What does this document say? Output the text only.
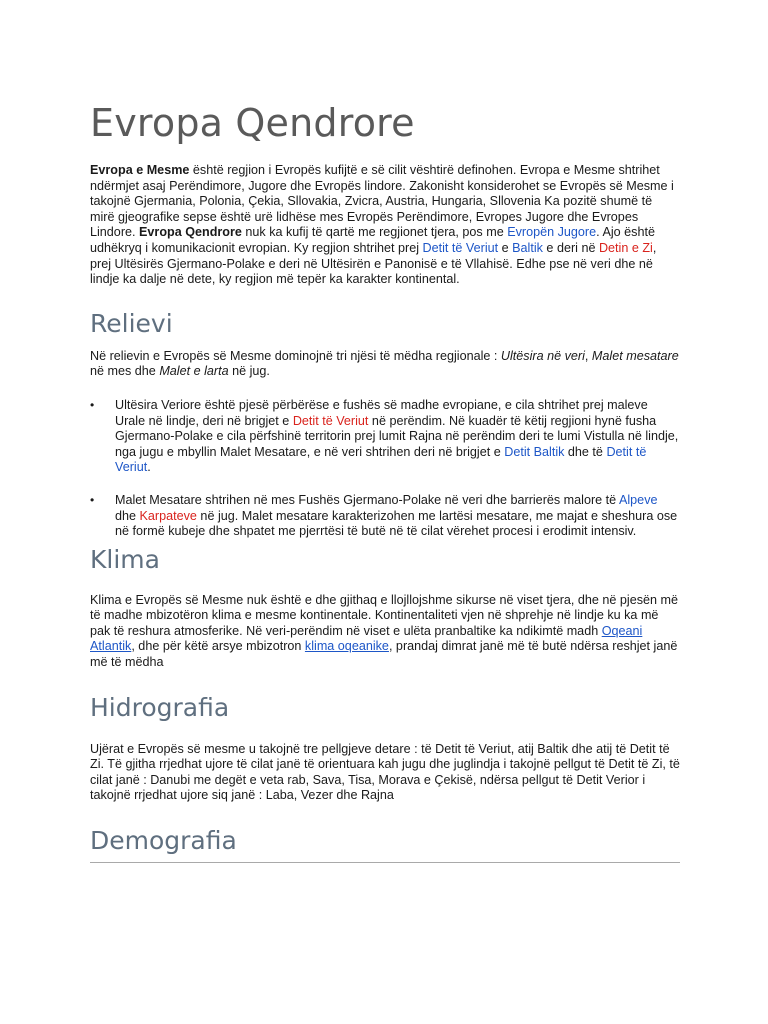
Evropa Qendrore

Evropa e Mesme është regjion i Evropës kufijtë e së cilit vështirë definohen. Evropa e Mesme shtrihet ndërmjet asaj Perëndimore, Jugore dhe Evropës lindore. Zakonisht konsiderohet se Evropës së Mesme i takojnë Gjermania, Polonia, Çekia, Sllovakia, Zvicra, Austria, Hungaria, Sllovenia Ka pozitë shumë të mirë gjeografike sepse është urë lidhëse mes Evropës Perëndimore, Evropes Jugore dhe Evropes Lindore. Evropa Qendrore nuk ka kufij të qartë me regjionet tjera, pos me Evropën Jugore. Ajo është udhëkryq i komunikacionit evropian. Ky regjion shtrihet prej Detit të Veriut e Baltik e deri në Detin e Zi, prej Ultësirës Gjermano-Polake e deri në Ultësirën e Panonisë e të Vllahisë. Edhe pse në veri dhe në lindje ka dalje në dete, ky regjion më tepër ka karakter kontinental.

Relievi

Në relievin e Evropës së Mesme dominojnë tri njësi të mëdha regjionale : Ultësira në veri, Malet mesatare në mes dhe Malet e larta në jug.

• Ultësira Veriore është pjesë përbërëse e fushës së madhe evropiane, e cila shtrihet prej maleve Urale në lindje, deri në brigjet e Detit të Veriut në perëndim. Në kuadër të këtij regjioni hynë fusha Gjermano-Polake e cila përfshinë territorin prej lumit Rajna në perëndim deri te lumi Vistulla në lindje, nga jugu e mbyllin Malet Mesatare, e në veri shtrihen deri në brigjet e Detit Baltik dhe të Detit të Veriut.
• Malet Mesatare shtrihen në mes Fushës Gjermano-Polake në veri dhe barrierës malore të Alpeve dhe Karpateve në jug. Malet mesatare karakterizohen me lartësi mesatare, me majat e sheshura ose në formë kubeje dhe shpatet me pjerrtësi të butë në të cilat vërehet procesi i erodimit intensiv.
Klima

Klima e Evropës së Mesme nuk është e dhe gjithaq e llojllojshme sikurse në viset tjera, dhe në pjesën më të madhe mbizotëron klima e mesme kontinentale. Kontinentaliteti vjen në shprehje në lindje ku ka më pak të reshura atmosferike. Në veri-perëndim në viset e ulëta pranbaltike ka ndikimtë madh Oqeani Atlantik, dhe për këtë arsye mbizotron klima oqeanike, prandaj dimrat janë më të butë ndërsa reshjet janë më të mëdha

Hidrografia

Ujërat e Evropës së mesme u takojnë tre pellgjeve detare : të Detit të Veriut, atij Baltik dhe atij të Detit të Zi. Të gjitha rrjedhat ujore të cilat janë të orientuara kah jugu dhe juglindja i takojnë pellgut të Detit të Zi, të cilat janë : Danubi me degët e veta rab, Sava, Tisa, Morava e Çekisë, ndërsa pellgut të Detit Verior i takojnë rrjedhat ujore siq janë : Laba, Vezer dhe Rajna

Demografia
